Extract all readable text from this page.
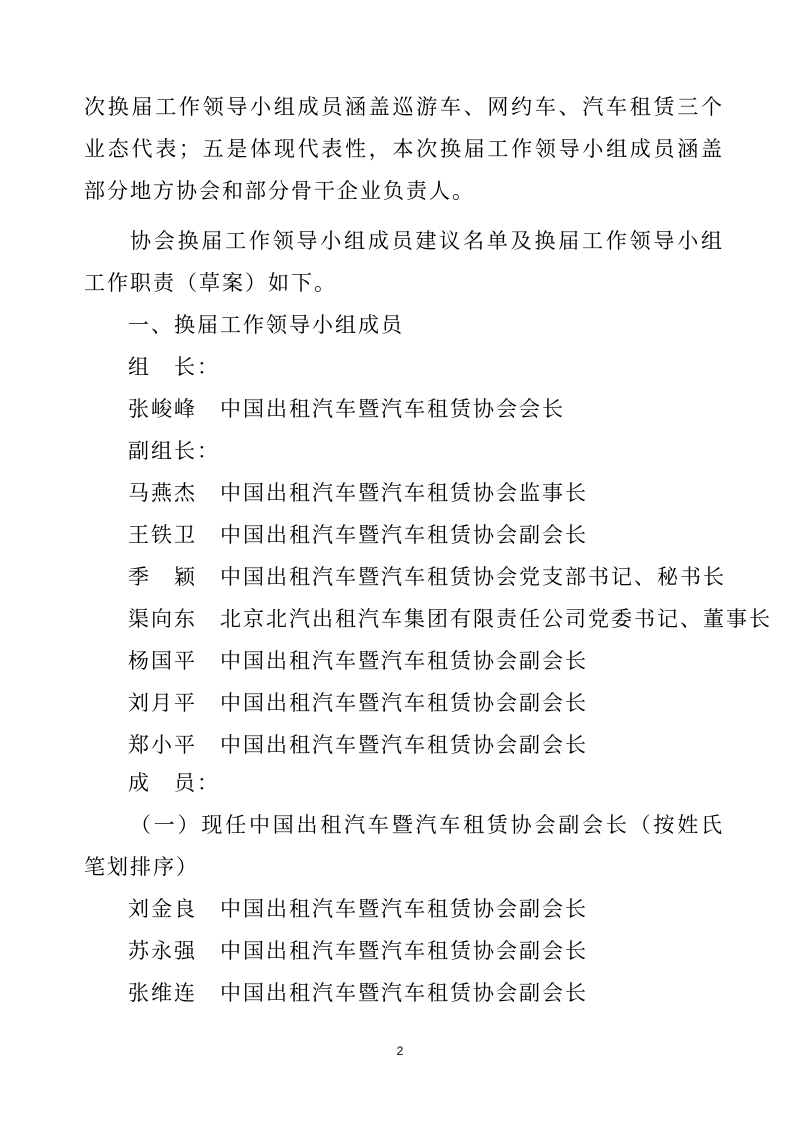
次换届工作领导小组成员涵盖巡游车、网约车、汽车租赁三个业态代表；五是体现代表性，本次换届工作领导小组成员涵盖部分地方协会和部分骨干企业负责人。

协会换届工作领导小组成员建议名单及换届工作领导小组工作职责（草案）如下。

一、换届工作领导小组成员
组　长：
张峻峰 中国出租汽车暨汽车租赁协会会长
副组长：
马燕杰 中国出租汽车暨汽车租赁协会监事长
王铁卫 中国出租汽车暨汽车租赁协会副会长
季　颖 中国出租汽车暨汽车租赁协会党支部书记、秘书长
渠向东 北京北汽出租汽车集团有限责任公司党委书记、董事长
杨国平 中国出租汽车暨汽车租赁协会副会长
刘月平 中国出租汽车暨汽车租赁协会副会长
郑小平 中国出租汽车暨汽车租赁协会副会长
成　员：

（一）现任中国出租汽车暨汽车租赁协会副会长（按姓氏笔划排序）

刘金良 中国出租汽车暨汽车租赁协会副会长
苏永强 中国出租汽车暨汽车租赁协会副会长
张维连 中国出租汽车暨汽车租赁协会副会长
2
